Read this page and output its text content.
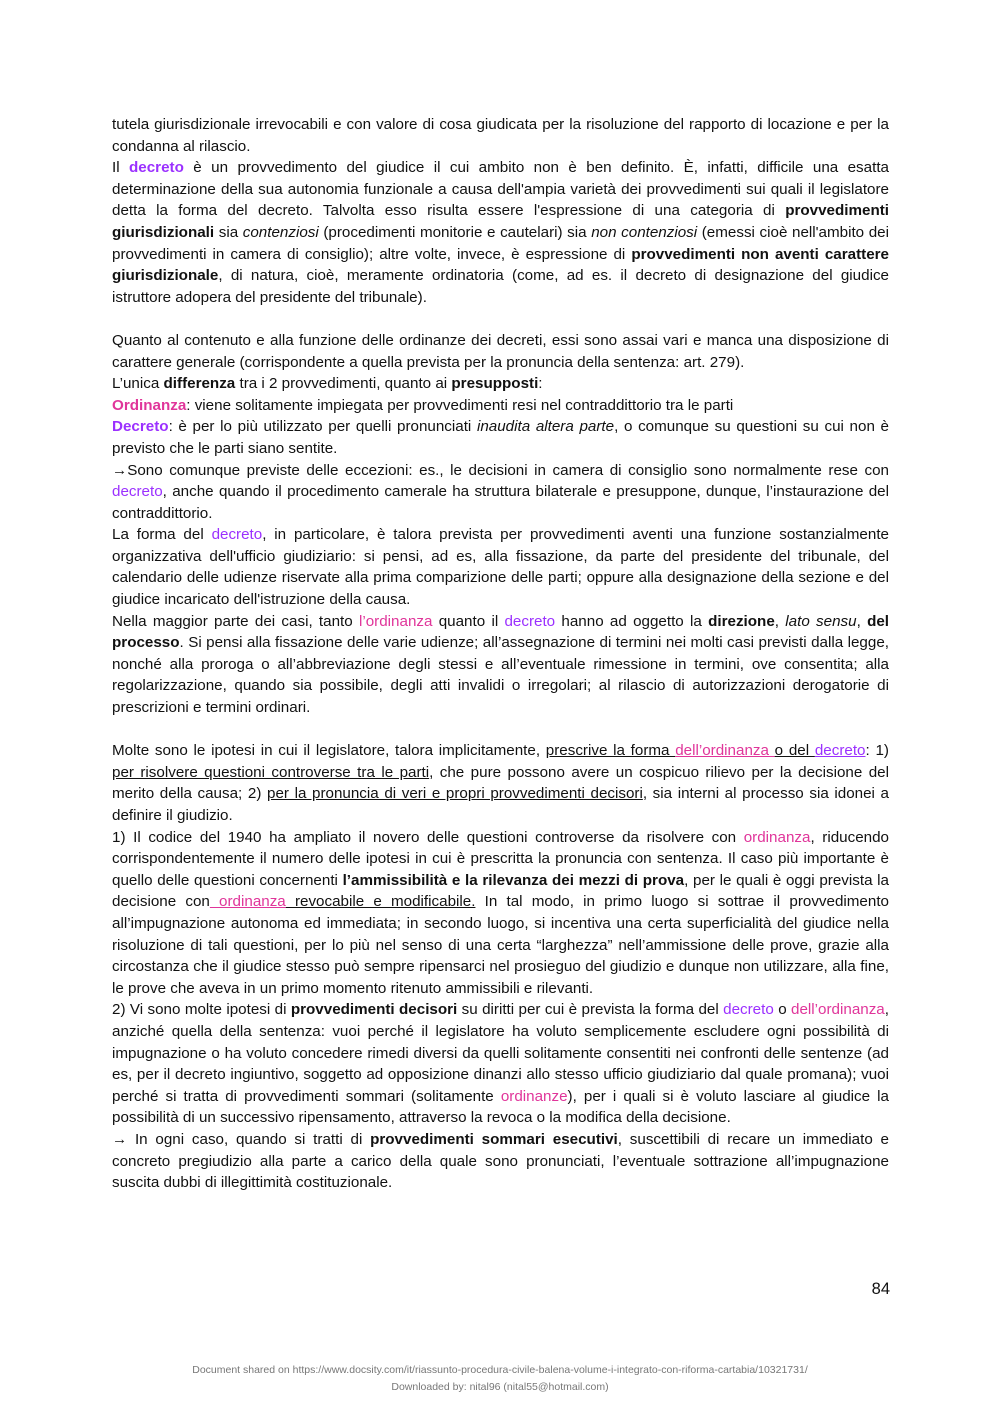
tutela giurisdizionale irrevocabili e con valore di cosa giudicata per la risoluzione del rapporto di locazione e per la condanna al rilascio.

Il decreto è un provvedimento del giudice il cui ambito non è ben definito. È, infatti, difficile una esatta determinazione della sua autonomia funzionale a causa dell'ampia varietà dei provvedimenti sui quali il legislatore detta la forma del decreto. Talvolta esso risulta essere l'espressione di una categoria di provvedimenti giurisdizionali sia contenziosi (procedimenti monitorie e cautelari) sia non contenziosi (emessi cioè nell'ambito dei provvedimenti in camera di consiglio); altre volte, invece, è espressione di provvedimenti non aventi carattere giurisdizionale, di natura, cioè, meramente ordinatoria (come, ad es. il decreto di designazione del giudice istruttore adopera del presidente del tribunale).

Quanto al contenuto e alla funzione delle ordinanze dei decreti, essi sono assai vari e manca una disposizione di carattere generale (corrispondente a quella prevista per la pronuncia della sentenza: art. 279).

L’unica differenza tra i 2 provvedimenti, quanto ai presupposti:

Ordinanza: viene solitamente impiegata per provvedimenti resi nel contraddittorio tra le parti

Decreto: è per lo più utilizzato per quelli pronunciati inaudita altera parte, o comunque su questioni su cui non è previsto che le parti siano sentite.

→Sono comunque previste delle eccezioni: es., le decisioni in camera di consiglio sono normalmente rese con decreto, anche quando il procedimento camerale ha struttura bilaterale e presuppone, dunque, l’instaurazione del contraddittorio.

La forma del decreto, in particolare, è talora prevista per provvedimenti aventi una funzione sostanzialmente organizzativa dell'ufficio giudiziario: si pensi, ad es, alla fissazione, da parte del presidente del tribunale, del calendario delle udienze riservate alla prima comparizione delle parti; oppure alla designazione della sezione e del giudice incaricato dell'istruzione della causa.

Nella maggior parte dei casi, tanto l’ordinanza quanto il decreto hanno ad oggetto la direzione, lato sensu, del processo. Si pensi alla fissazione delle varie udienze; all’assegnazione di termini nei molti casi previsti dalla legge, nonché alla proroga o all’abbreviazione degli stessi e all’eventuale rimessione in termini, ove consentita; alla regolarizzazione, quando sia possibile, degli atti invalidi o irregolari; al rilascio di autorizzazioni derogatorie di prescrizioni e termini ordinari.

Molte sono le ipotesi in cui il legislatore, talora implicitamente, prescrive la forma dell’ordinanza o del decreto: 1) per risolvere questioni controverse tra le parti, che pure possono avere un cospicuo rilievo per la decisione del merito della causa; 2) per la pronuncia di veri e propri provvedimenti decisori, sia interni al processo sia idonei a definire il giudizio.

1) Il codice del 1940 ha ampliato il novero delle questioni controverse da risolvere con ordinanza, riducendo corrispondentemente il numero delle ipotesi in cui è prescritta la pronuncia con sentenza. Il caso più importante è quello delle questioni concernenti l’ammissibilità e la rilevanza dei mezzi di prova, per le quali è oggi prevista la decisione con ordinanza revocabile e modificabile. In tal modo, in primo luogo si sottrae il provvedimento all’impugnazione autonoma ed immediata; in secondo luogo, si incentiva una certa superficialità del giudice nella risoluzione di tali questioni, per lo più nel senso di una certa “larghezza” nell’ammissione delle prove, grazie alla circostanza che il giudice stesso può sempre ripensarci nel prosieguo del giudizio e dunque non utilizzare, alla fine, le prove che aveva in un primo momento ritenuto ammissibili e rilevanti.

2) Vi sono molte ipotesi di provvedimenti decisori su diritti per cui è prevista la forma del decreto o dell’ordinanza, anziché quella della sentenza: vuoi perché il legislatore ha voluto semplicemente escludere ogni possibilità di impugnazione o ha voluto concedere rimedi diversi da quelli solitamente consentiti nei confronti delle sentenze (ad es, per il decreto ingiuntivo, soggetto ad opposizione dinanzi allo stesso ufficio giudiziario dal quale promana); vuoi perché si tratta di provvedimenti sommari (solitamente ordinanze), per i quali si è voluto lasciare al giudice la possibilità di un successivo ripensamento, attraverso la revoca o la modifica della decisione.

→ In ogni caso, quando si tratti di provvedimenti sommari esecutivi, suscettibili di recare un immediato e concreto pregiudizio alla parte a carico della quale sono pronunciati, l’eventuale sottrazione all’impugnazione suscita dubbi di illegittimità costituzionale.

84
Document shared on https://www.docsity.com/it/riassunto-procedura-civile-balena-volume-i-integrato-con-riforma-cartabia/10321731/
Downloaded by: nital96 (nital55@hotmail.com)
